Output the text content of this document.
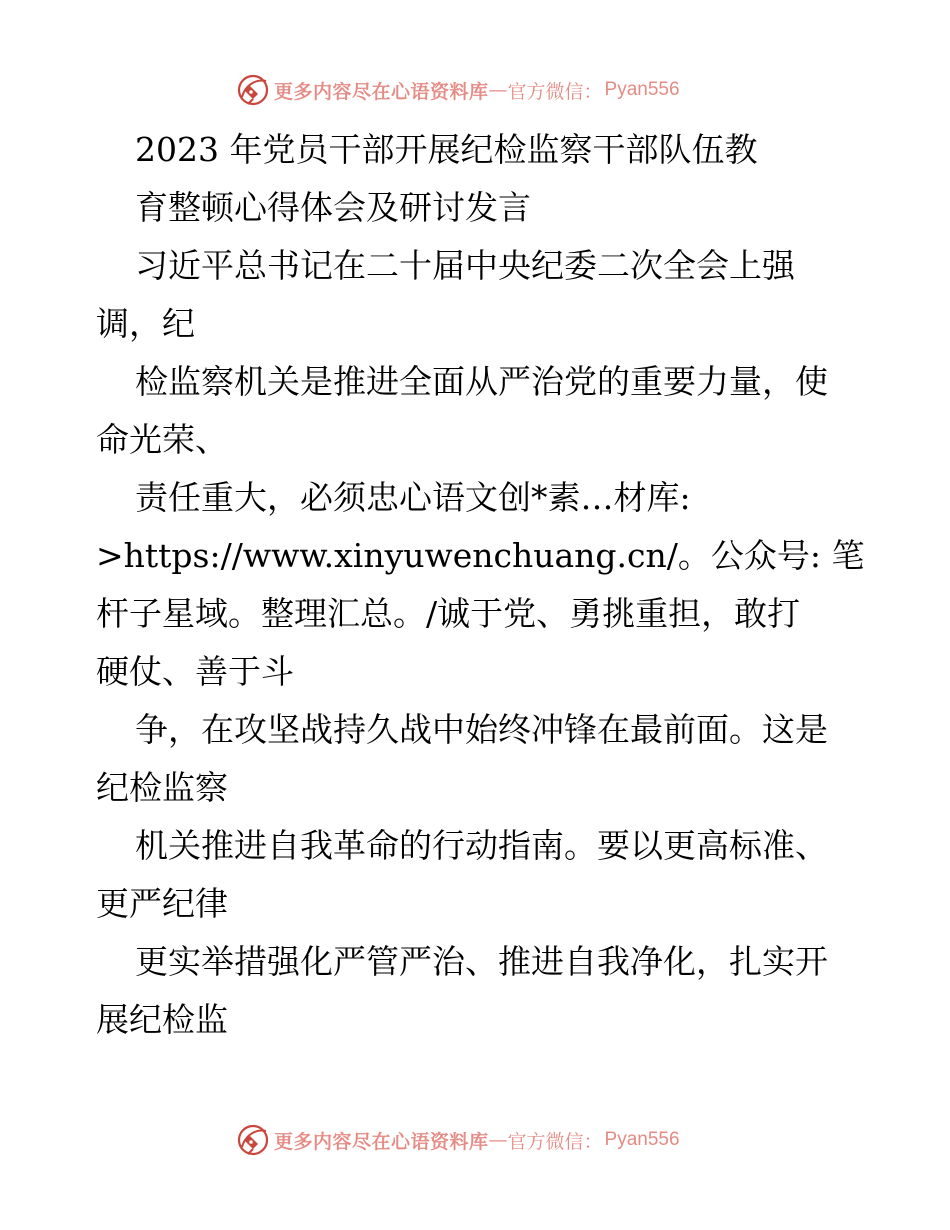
更多内容尽在心语资料库 — 官方微信： Pyan556
2023 年党员干部开展纪检监察干部队伍教
育整顿心得体会及研讨发言
习近平总书记在二十届中央纪委二次全会上强
调，纪
检监察机关是推进全面从严治党的重要力量，使
命光荣、
责任重大，必须忠心语文创*素…材库:
>https://www.xinyuwenchuang.cn/。公众号: 笔
杆子星域。整理汇总。/诚于党、勇挑重担，敢打
硬仗、善于斗
争，在攻坚战持久战中始终冲锋在最前面。这是
纪检监察
机关推进自我革命的行动指南。要以更高标准、
更严纪律
更实举措强化严管严治、推进自我净化，扎实开
展纪检监
更多内容尽在心语资料库 — 官方微信： Pyan556
